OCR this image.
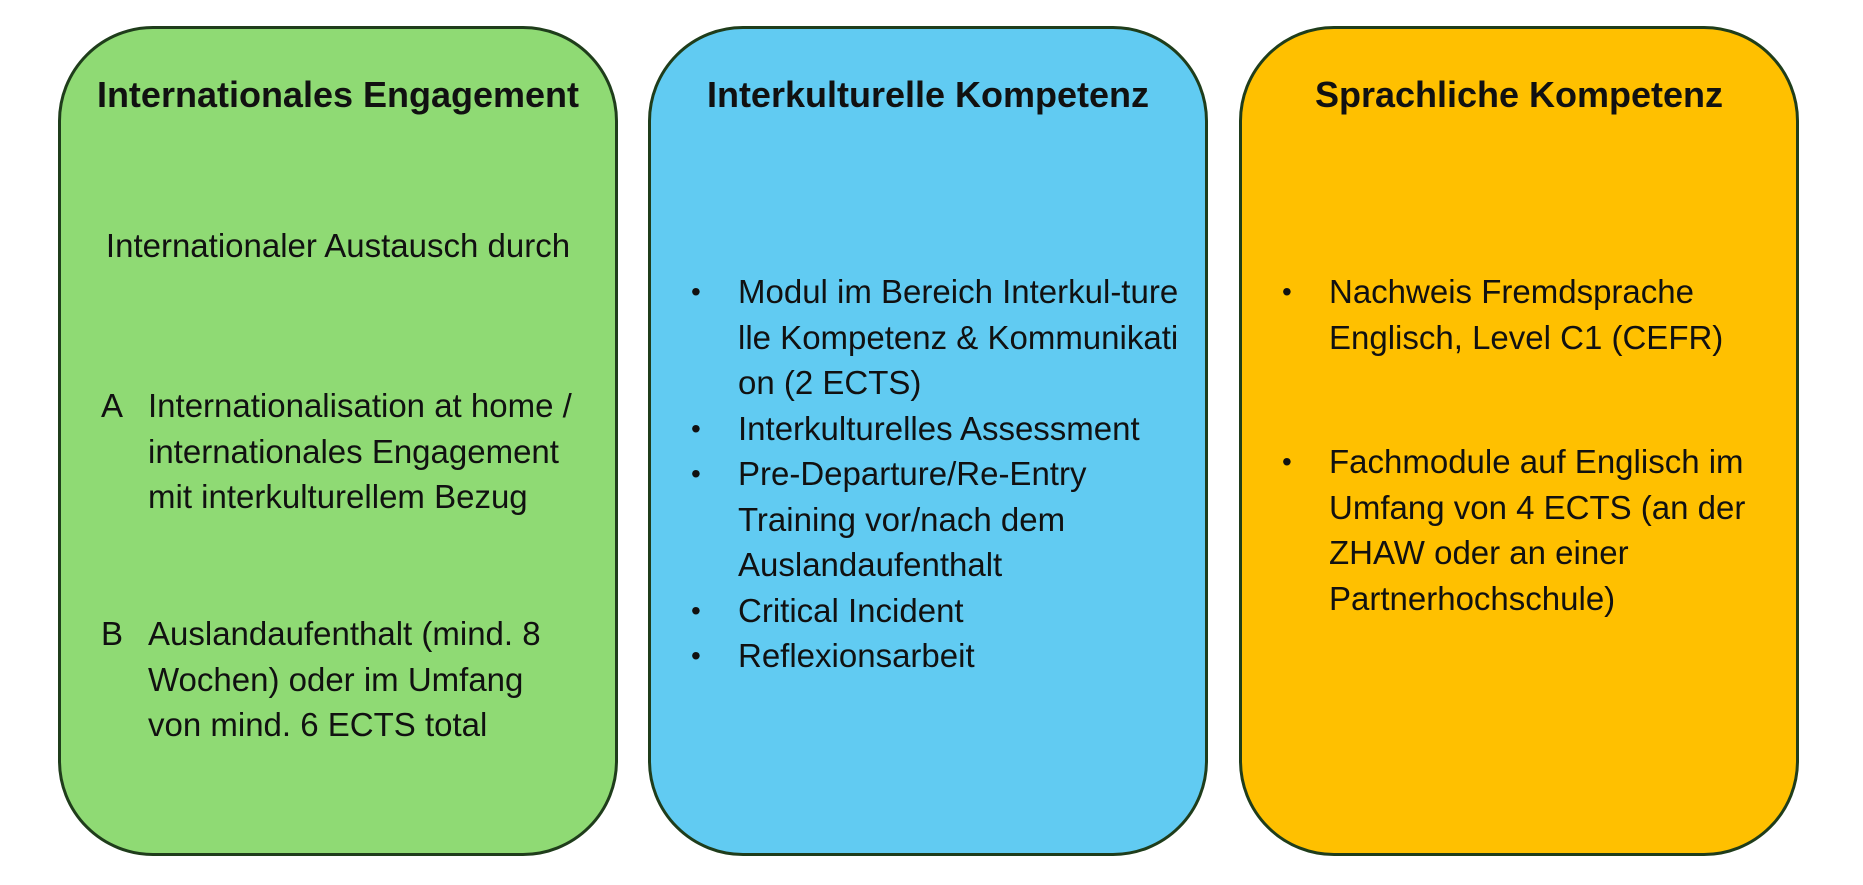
Internationales Engagement
Internationaler Austausch durch
A Internationalisation at home / internationales Engagement mit interkulturellem Bezug
B Auslandaufenthalt (mind. 8 Wochen) oder im Umfang von mind. 6 ECTS total
Interkulturelle Kompetenz
•	Modul im Bereich Interkul-turelle Kompetenz & Kommunikation (2 ECTS)
•	Interkulturelles Assessment
•	Pre-Departure/Re-Entry Training vor/nach dem Auslandaufenthalt
•	Critical Incident
•	Reflexionsarbeit
Sprachliche Kompetenz
•	Nachweis Fremdsprache Englisch, Level C1 (CEFR)
•	Fachmodule auf Englisch im Umfang von 4 ECTS (an der ZHAW oder an einer Partnerhochschule)
